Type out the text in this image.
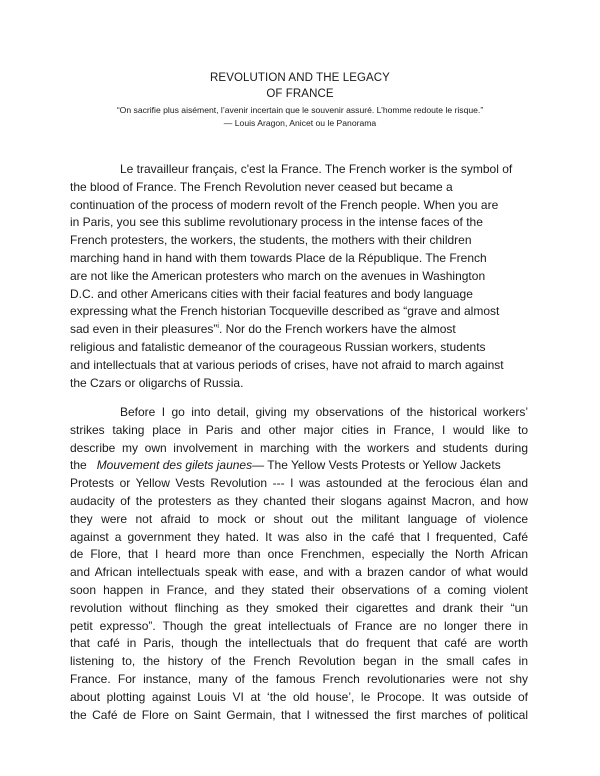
REVOLUTION AND THE LEGACY
OF FRANCE
“On sacrifie plus aisément, l’avenir incertain que le souvenir assuré. L’homme redoute le risque.”
— Louis Aragon, Anicet ou le Panorama
Le travailleur français, c'est la France. The French worker is the symbol of
the blood of France. The French Revolution never ceased but became a
continuation of the process of modern revolt of the French people. When you are
in Paris, you see this sublime revolutionary process in the intense faces of the
French protesters, the workers, the students, the mothers with their children
marching hand in hand with them towards Place de la République. The French
are not like the American protesters who march on the avenues in Washington
D.C. and other Americans cities with their facial features and body language
expressing what the French historian Tocqueville described as “grave and almost
sad even in their pleasures”$^i$. Nor do the French workers have the almost
religious and fatalistic demeanor of the courageous Russian workers, students
and intellectuals that at various periods of crises, have not afraid to march against
the Czars or oligarchs of Russia.
Before I go into detail, giving my observations of the historical workers’
strikes taking place in Paris and other major cities in France, I would like to
describe my own involvement in marching with the workers and students during
the   Mouvement des gilets jaunes— The Yellow Vests Protests or Yellow Jackets
Protests or Yellow Vests Revolution --- I was astounded at the ferocious élan and
audacity of the protesters as they chanted their slogans against Macron, and how
they were not afraid to mock or shout out the militant language of violence
against a government they hated. It was also in the café that I frequented, Café
de Flore, that I heard more than once Frenchmen, especially the North African
and African intellectuals speak with ease, and with a brazen candor of what would
soon happen in France, and they stated their observations of a coming violent
revolution without flinching as they smoked their cigarettes and drank their “un
petit expresso”. Though the great intellectuals of France are no longer there in
that café in Paris, though the intellectuals that do frequent that café are worth
listening to, the history of the French Revolution began in the small cafes in
France. For instance, many of the famous French revolutionaries were not shy
about plotting against Louis VI at ‘the old house’, le Procope. It was outside of
the Café de Flore on Saint Germain, that I witnessed the first marches of political
